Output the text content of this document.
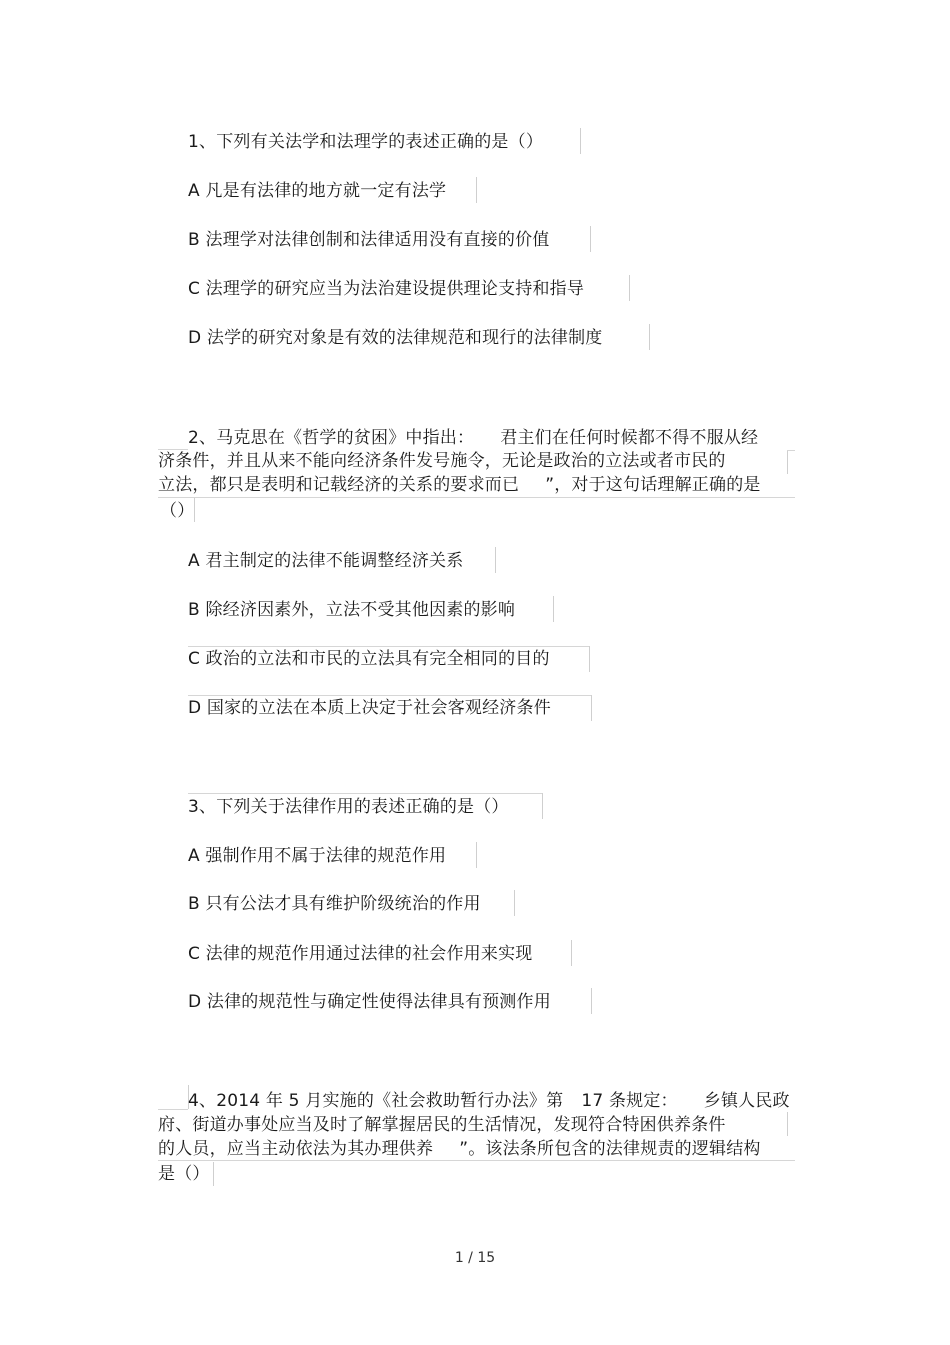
1、下列有关法学和法理学的表述正确的是（）
A 凡是有法律的地方就一定有法学
B 法理学对法律创制和法律适用没有直接的价值
C 法理学的研究应当为法治建设提供理论支持和指导
D 法学的研究对象是有效的法律规范和现行的法律制度
2、马克思在《哲学的贫困》中指出： 君主们在任何时候都不得不服从经
济条件，并且从来不能向经济条件发号施令，无论是政治的立法或者市民的
立法，都只是表明和记载经济的关系的要求而已 ”，对于这句话理解正确的是
（）
A 君主制定的法律不能调整经济关系
B 除经济因素外，立法不受其他因素的影响
C 政治的立法和市民的立法具有完全相同的目的
D 国家的立法在本质上决定于社会客观经济条件
3、下列关于法律作用的表述正确的是（）
A 强制作用不属于法律的规范作用
B 只有公法才具有维护阶级统治的作用
C 法律的规范作用通过法律的社会作用来实现
D 法律的规范性与确定性使得法律具有预测作用
4、2014 年 5 月实施的《社会救助暂行办法》第 17 条规定： 乡镇人民政
府、街道办事处应当及时了解掌握居民的生活情况，发现符合特困供养条件
的人员，应当主动依法为其办理供养 ”。该法条所包含的法律规责的逻辑结构
是（）
1 / 15
